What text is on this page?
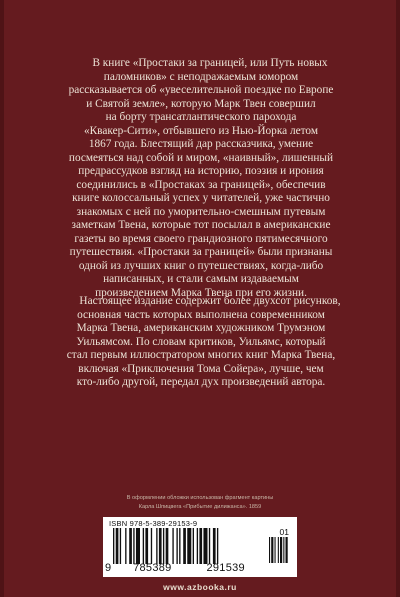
В книге «Простаки за границей, или Путь новых
паломников» с неподражаемым юмором
рассказывается об «увеселительной поездке по Европе
и Святой земле», которую Марк Твен совершил
на борту трансатлантического парохода
«Квакер-Сити», отбывшего из Нью-Йорка летом
1867 года. Блестящий дар рассказчика, умение
посмеяться над собой и миром, «наивный», лишенный
предрассудков взгляд на историю, поэзия и ирония
соединились в «Простаках за границей», обеспечив
книге колоссальный успех у читателей, уже частично
знакомых с ней по уморительно-смешным путевым
заметкам Твена, которые тот посылал в американские
газеты во время своего грандиозного пятимесячного
путешествия. «Простаки за границей» были признаны
одной из лучших книг о путешествиях, когда-либо
написанных, и стали самым издаваемым
произведением Марка Твена при его жизни.
Настоящее издание содержит более двухсот рисунков,
основная часть которых выполнена современником
Марка Твена, американским художником Трумэном
Уильямсом. По словам критиков, Уильямс, который
стал первым иллюстратором многих книг Марка Твена,
включая «Приключения Тома Сойера», лучше, чем
кто-либо другой, передал дух произведений автора.
В оформлении обложки использован фрагмент картины
Карла Шпицвега «Прибытие дилижанса». 1859
ISBN 978-5-389-29153-9
01
9 785389	291539
www.azbooka.ru
